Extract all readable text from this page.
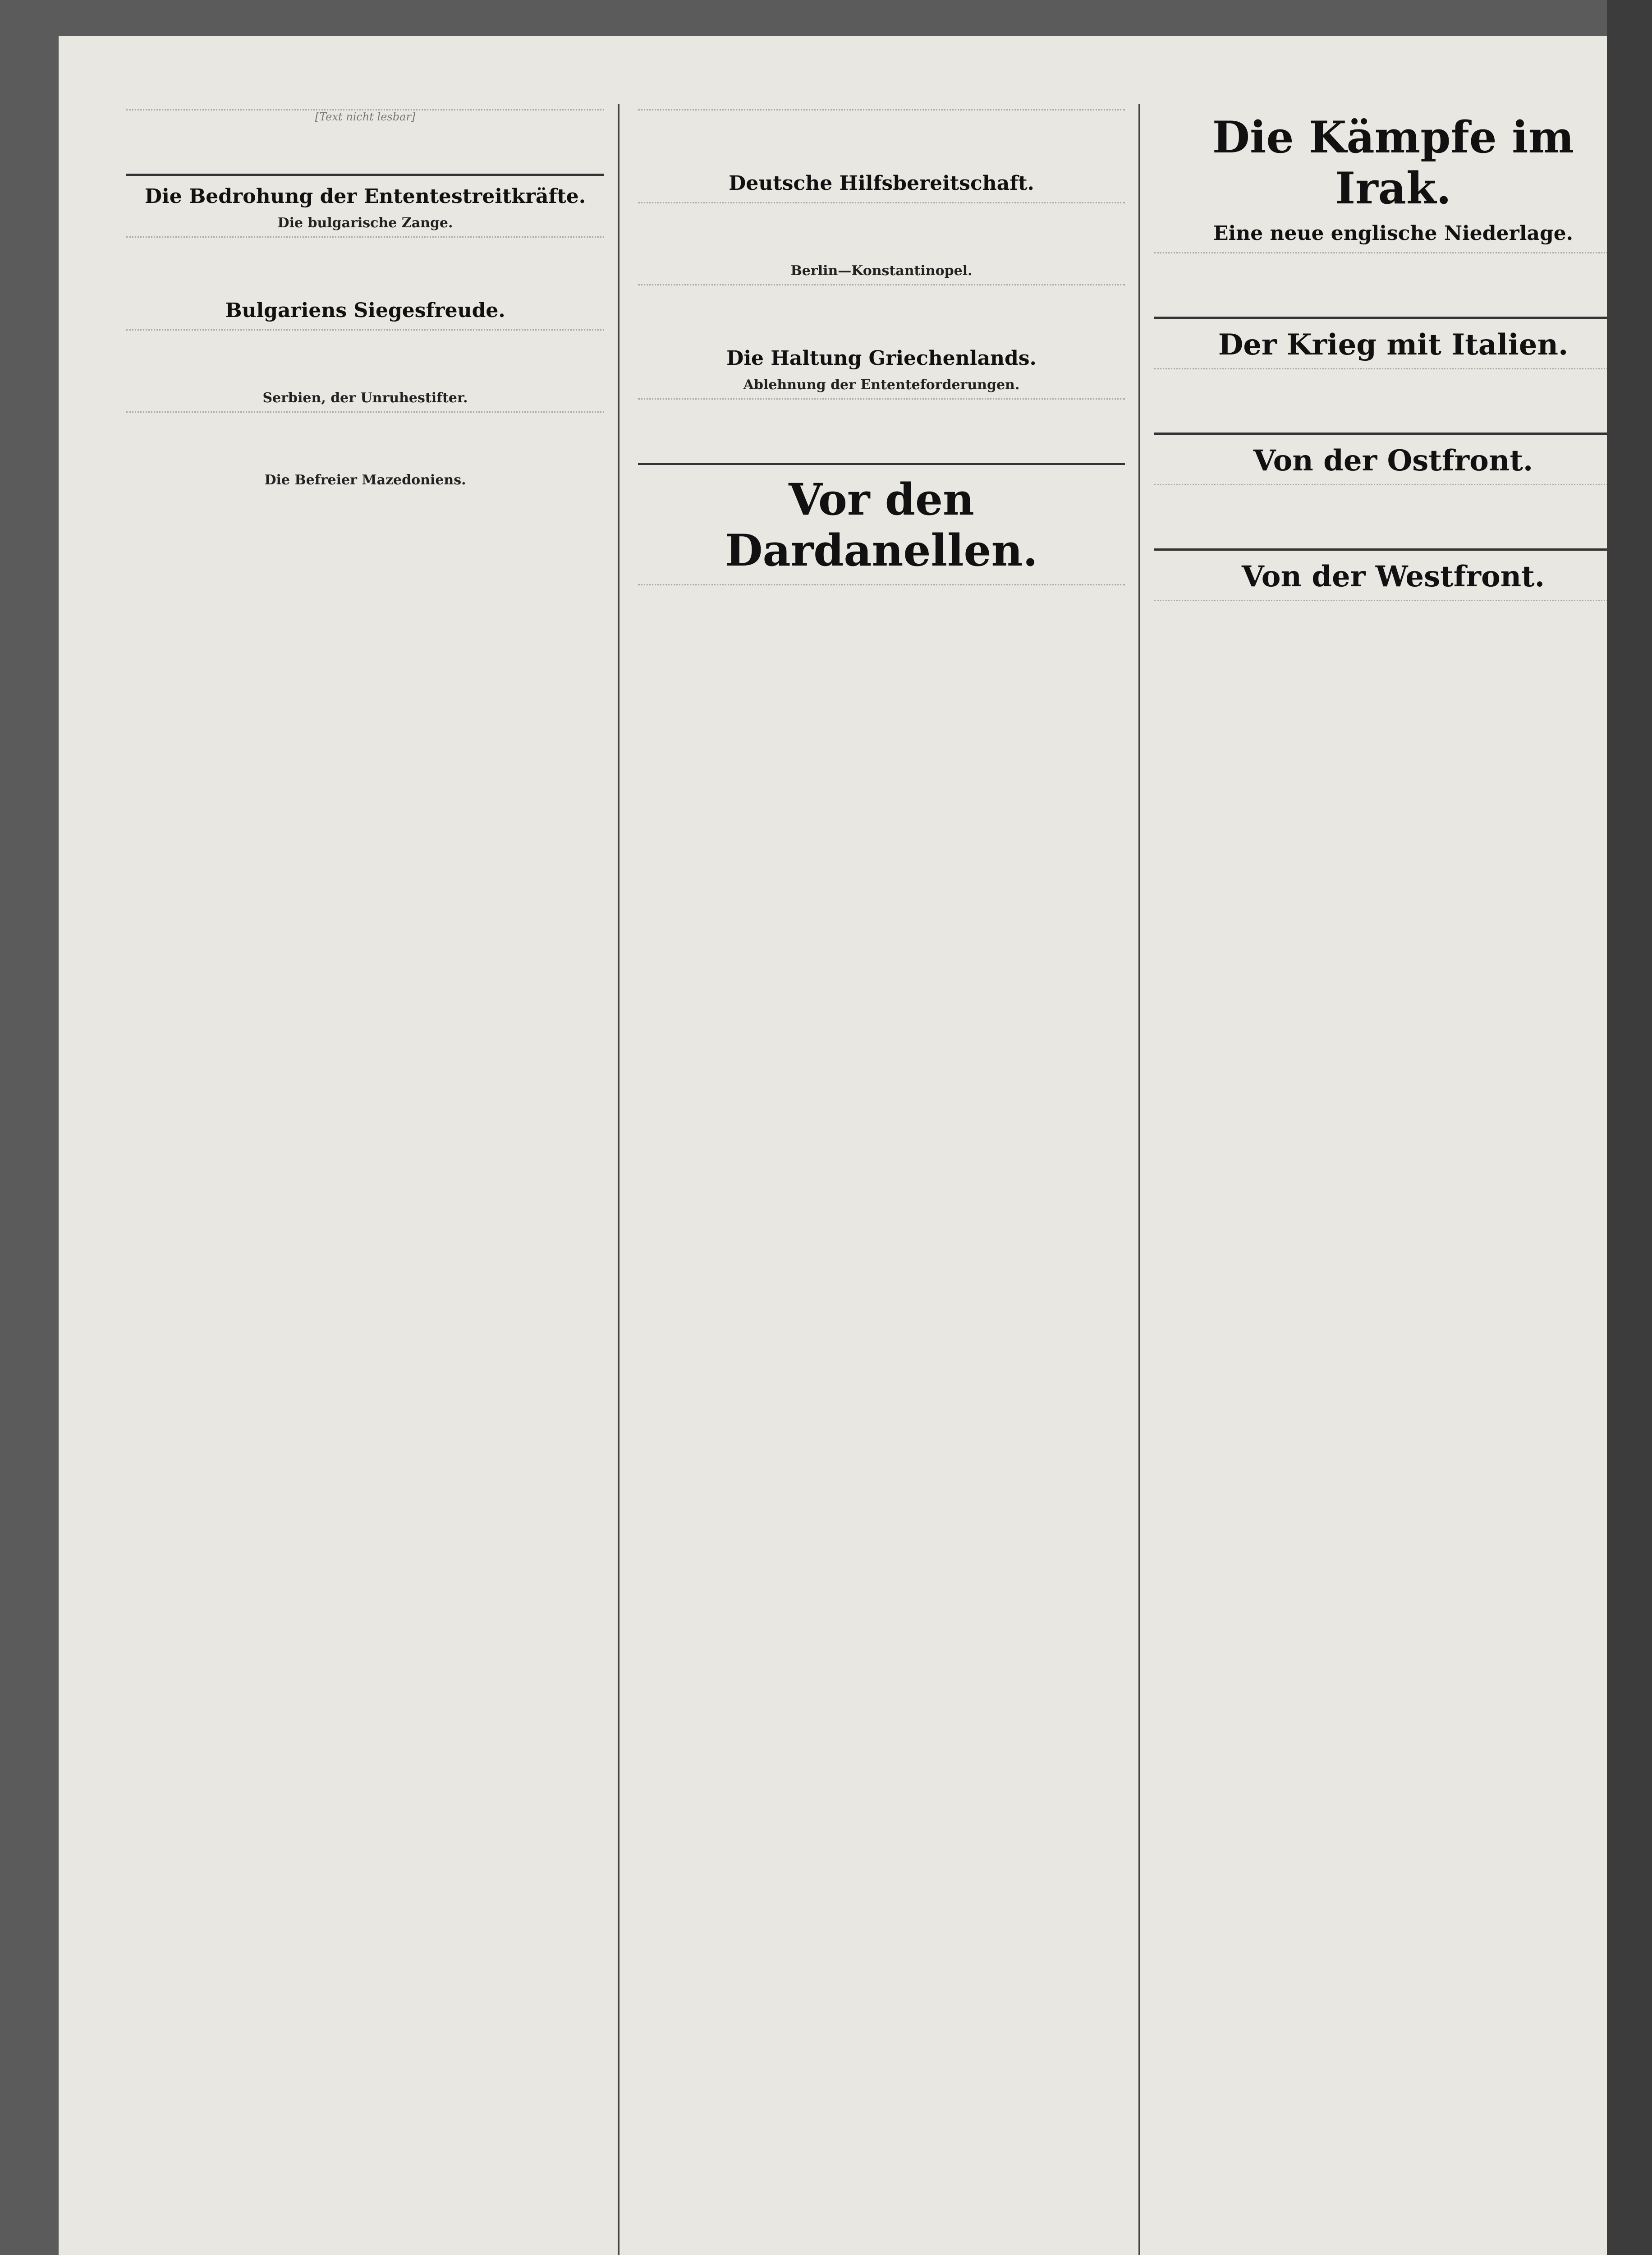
[Text nicht lesbar]
Die Bedrohung der Ententestreitkräfte.
Die bulgarische Zange.
Bulgariens Siegesfreude.
Serbien, der Unruhestifter.
Die Befreier Mazedoniens.
Deutsche Hilfsbereitschaft.
Berlin—Konstantinopel.
Die Haltung Griechenlands.
Ablehnung der Ententeforderungen.
Vor den Dardanellen.
Die Kämpfe im Irak.
Eine neue englische Niederlage.
Der Krieg mit Italien.
Von der Ostfront.
Von der Westfront.
